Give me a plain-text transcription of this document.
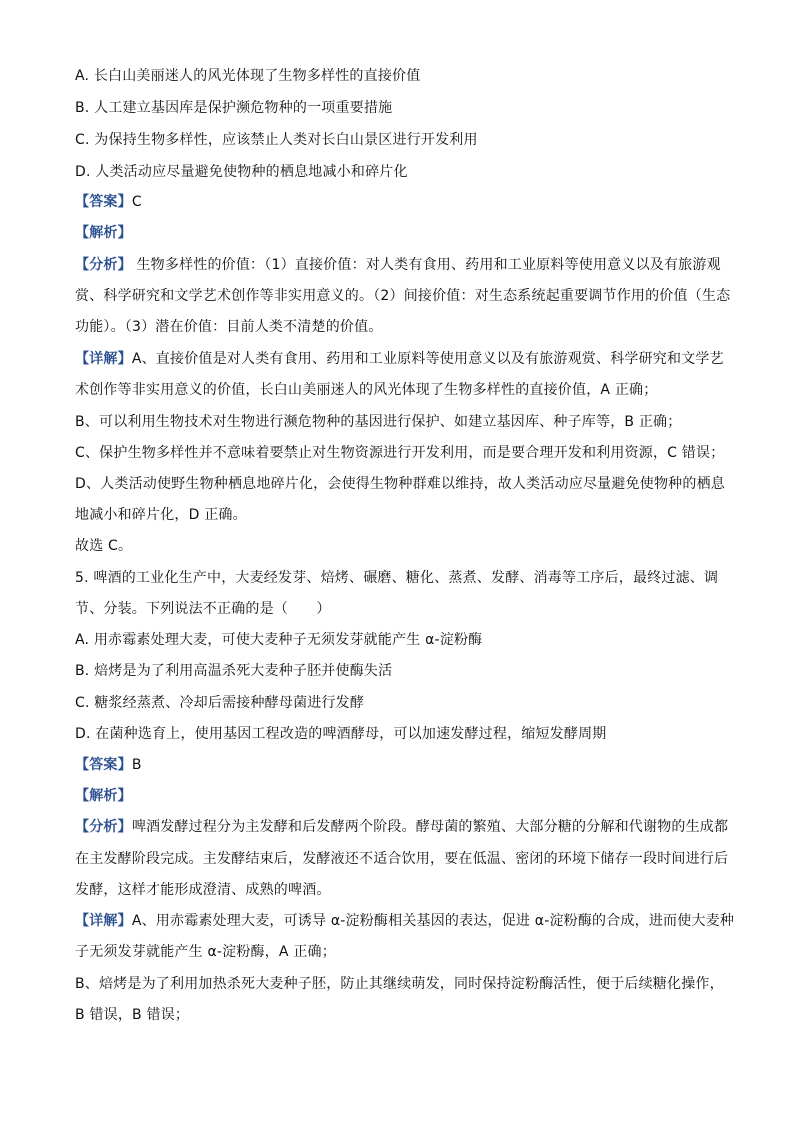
A. 长白山美丽迷人的风光体现了生物多样性的直接价值
B. 人工建立基因库是保护濒危物种的一项重要措施
C. 为保持生物多样性，应该禁止人类对长白山景区进行开发利用
D. 人类活动应尽量避免使物种的栖息地减小和碎片化
【答案】C
【解析】
【分析】 生物多样性的价值：（1）直接价值：对人类有食用、药用和工业原料等使用意义以及有旅游观
赏、科学研究和文学艺术创作等非实用意义的。（2）间接价值：对生态系统起重要调节作用的价值（生态
功能）。（3）潜在价值：目前人类不清楚的价值。
【详解】A、直接价值是对人类有食用、药用和工业原料等使用意义以及有旅游观赏、科学研究和文学艺
术创作等非实用意义的价值，长白山美丽迷人的风光体现了生物多样性的直接价值，A 正确；
B、可以利用生物技术对生物进行濒危物种的基因进行保护、如建立基因库、种子库等，B 正确；
C、保护生物多样性并不意味着要禁止对生物资源进行开发利用，而是要合理开发和利用资源，C 错误；
D、人类活动使野生物种栖息地碎片化，会使得生物种群难以维持，故人类活动应尽量避免使物种的栖息
地减小和碎片化，D 正确。
故选 C。
5. 啤酒的工业化生产中，大麦经发芽、焙烤、碾磨、糖化、蒸煮、发酵、消毒等工序后，最终过滤、调
节、分装。下列说法不正确的是（　　）
A. 用赤霉素处理大麦，可使大麦种子无须发芽就能产生 α-淀粉酶
B. 焙烤是为了利用高温杀死大麦种子胚并使酶失活
C. 糖浆经蒸煮、冷却后需接种酵母菌进行发酵
D. 在菌种选育上，使用基因工程改造的啤酒酵母，可以加速发酵过程，缩短发酵周期
【答案】B
【解析】
【分析】啤酒发酵过程分为主发酵和后发酵两个阶段。酵母菌的繁殖、大部分糖的分解和代谢物的生成都
在主发酵阶段完成。主发酵结束后，发酵液还不适合饮用，要在低温、密闭的环境下储存一段时间进行后
发酵，这样才能形成澄清、成熟的啤酒。
【详解】A、用赤霉素处理大麦，可诱导 α-淀粉酶相关基因的表达，促进 α-淀粉酶的合成，进而使大麦种
子无须发芽就能产生 α-淀粉酶，A 正确；
B、焙烤是为了利用加热杀死大麦种子胚，防止其继续萌发，同时保持淀粉酶活性，便于后续糖化操作，
B 错误，B 错误；
